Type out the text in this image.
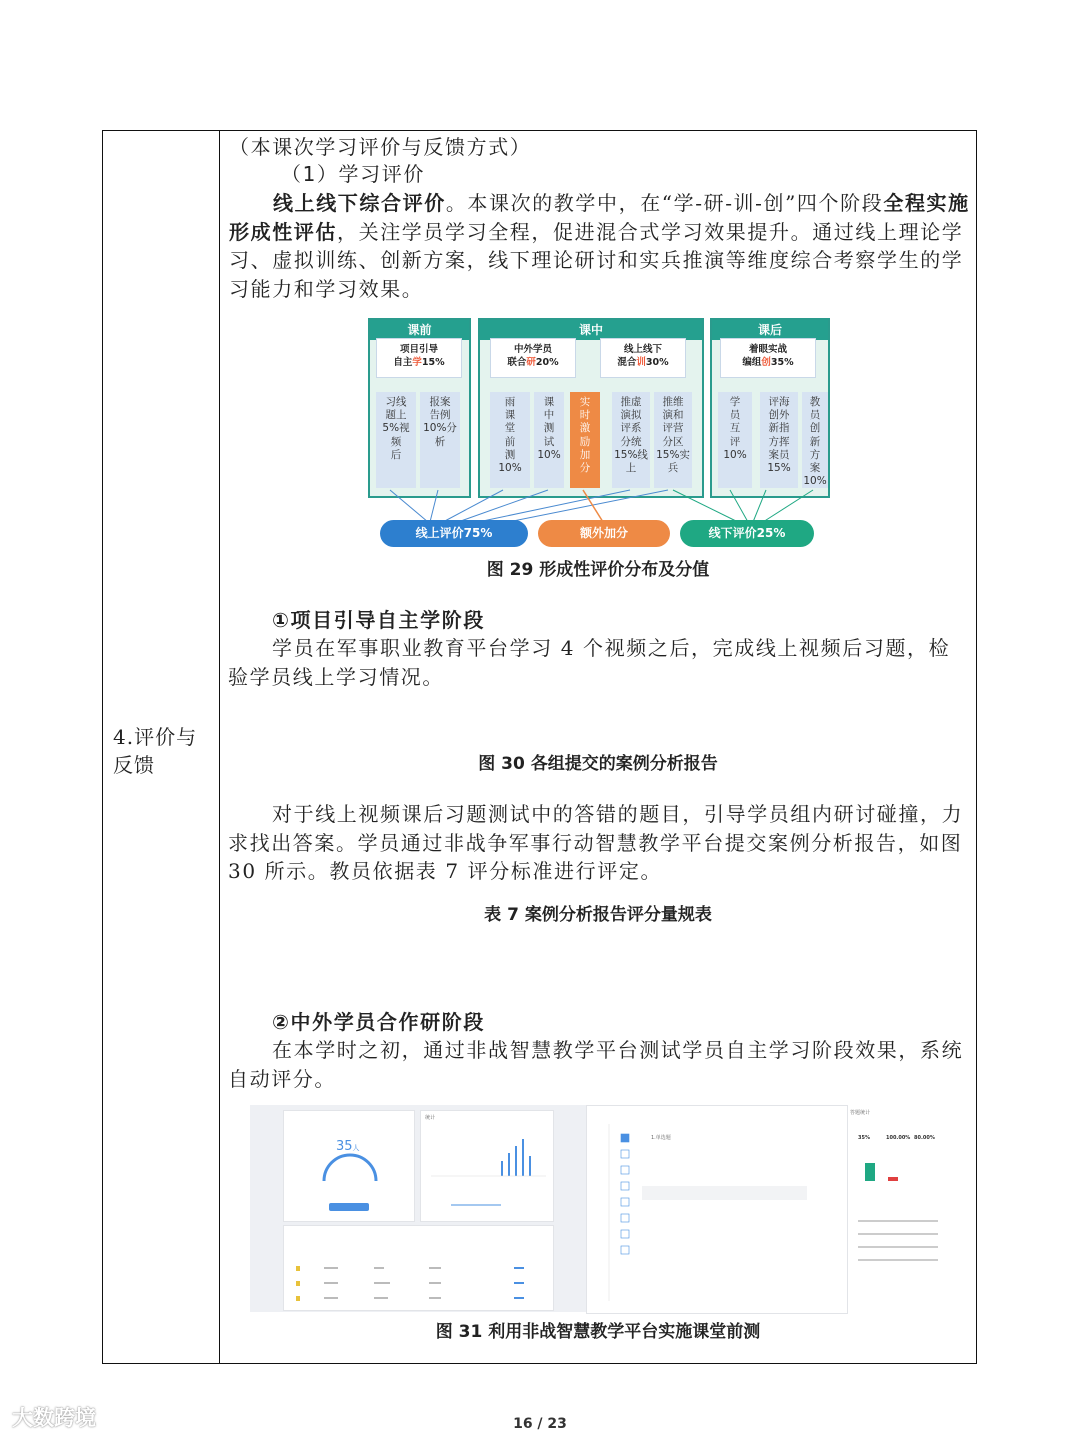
4.评价与
反馈
（本课次学习评价与反馈方式）
（1）学习评价
线上线下综合评价。本课次的教学中，在“学-研-训-创”四个阶段全程实施形成性评估，关注学员学习全程，促进混合式学习效果提升。通过线上理论学习、虚拟训练、创新方案，线下理论研讨和实兵推演等维度综合考察学生的学习能力和学习效果。
课前	课中	课后
项目引导
自主学15%
中外学员
联合研20%
线上线下
混合训30%
着眼实战
编组创35%
习线
题上
5%视
频
后
报案
告例
10%分
析
雨
课
堂
前
测
10%
课
中
测
试
10%
实
时
激
励
加
分
推虚
演拟
评系
分统
15%线
上
推维
演和
评营
分区
15%实
兵
学
员
互
评
10%
评海
创外
新指
方挥
案员
15%
教
员
创
新
方
案
10%
线上评价75%	额外加分	线下评价25%
图 29 形成性评价分布及分值
①项目引导自主学阶段
学员在军事职业教育平台学习 4 个视频之后，完成线上视频后习题，检验学员线上学习情况。
图 30 各组提交的案例分析报告
对于线上视频课后习题测试中的答错的题目，引导学员组内研讨碰撞，力求找出答案。学员通过非战争军事行动智慧教学平台提交案例分析报告，如图 30 所示。教员依据表 7 评分标准进行评定。
表 7 案例分析报告评分量规表
②中外学员合作研阶段
在本学时之初，通过非战智慧教学平台测试学员自主学习阶段效果，系统自动评分。
35人
统计
1.单选题
答题统计
35%	100.00% 80.00%
图 31 利用非战智慧教学平台实施课堂前测
16 / 23
大数跨境
